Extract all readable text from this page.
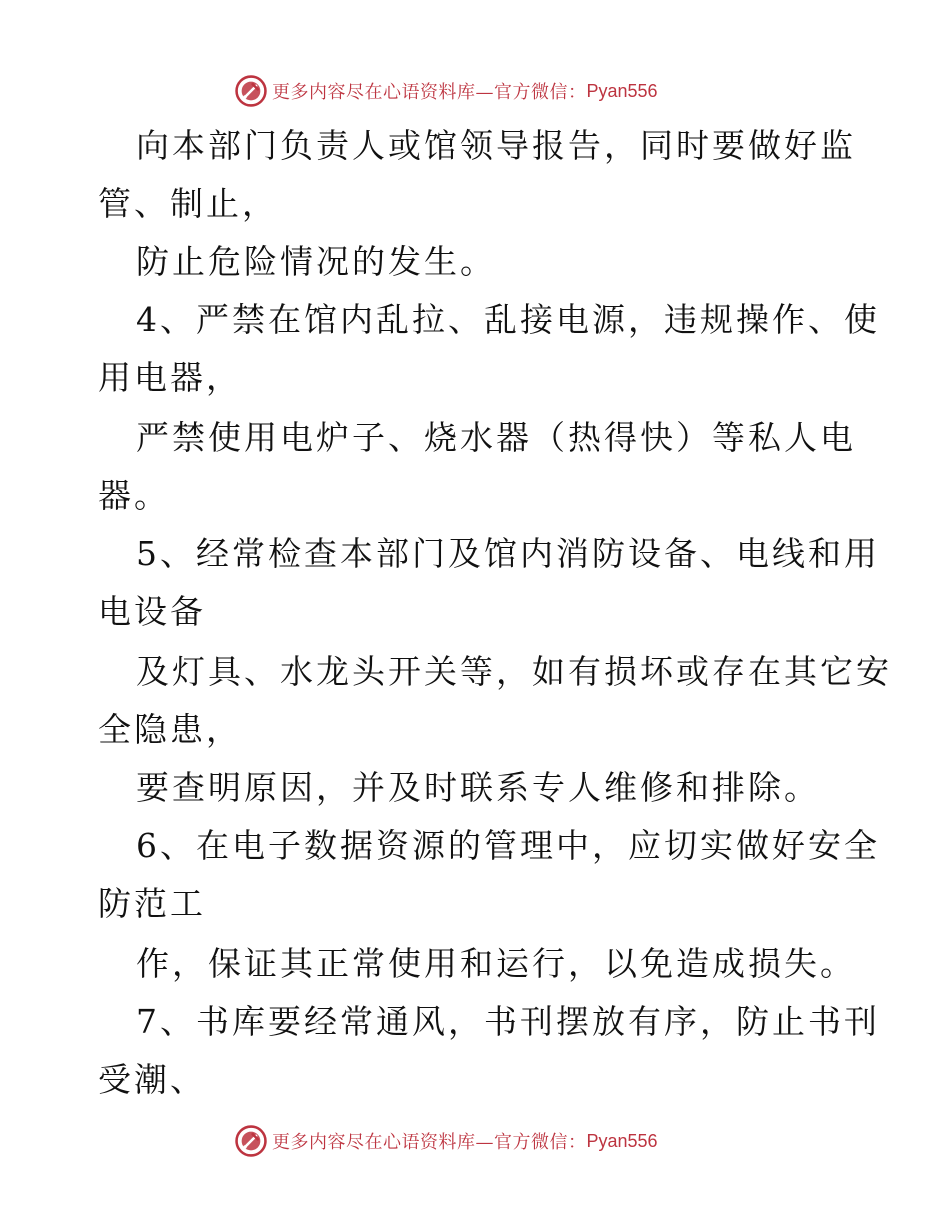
更多内容尽在心语资料库—官方微信： Pyan556
向本部门负责人或馆领导报告，同时要做好监
管、制止，
防止危险情况的发生。
4、严禁在馆内乱拉、乱接电源，违规操作、使
用电器，
严禁使用电炉子、烧水器（热得快）等私人电
器。
5、经常检查本部门及馆内消防设备、电线和用
电设备
及灯具、水龙头开关等，如有损坏或存在其它安
全隐患，
要查明原因，并及时联系专人维修和排除。
6、在电子数据资源的管理中，应切实做好安全
防范工
作，保证其正常使用和运行，以免造成损失。
7、书库要经常通风，书刊摆放有序，防止书刊
受潮、
更多内容尽在心语资料库—官方微信： Pyan556
